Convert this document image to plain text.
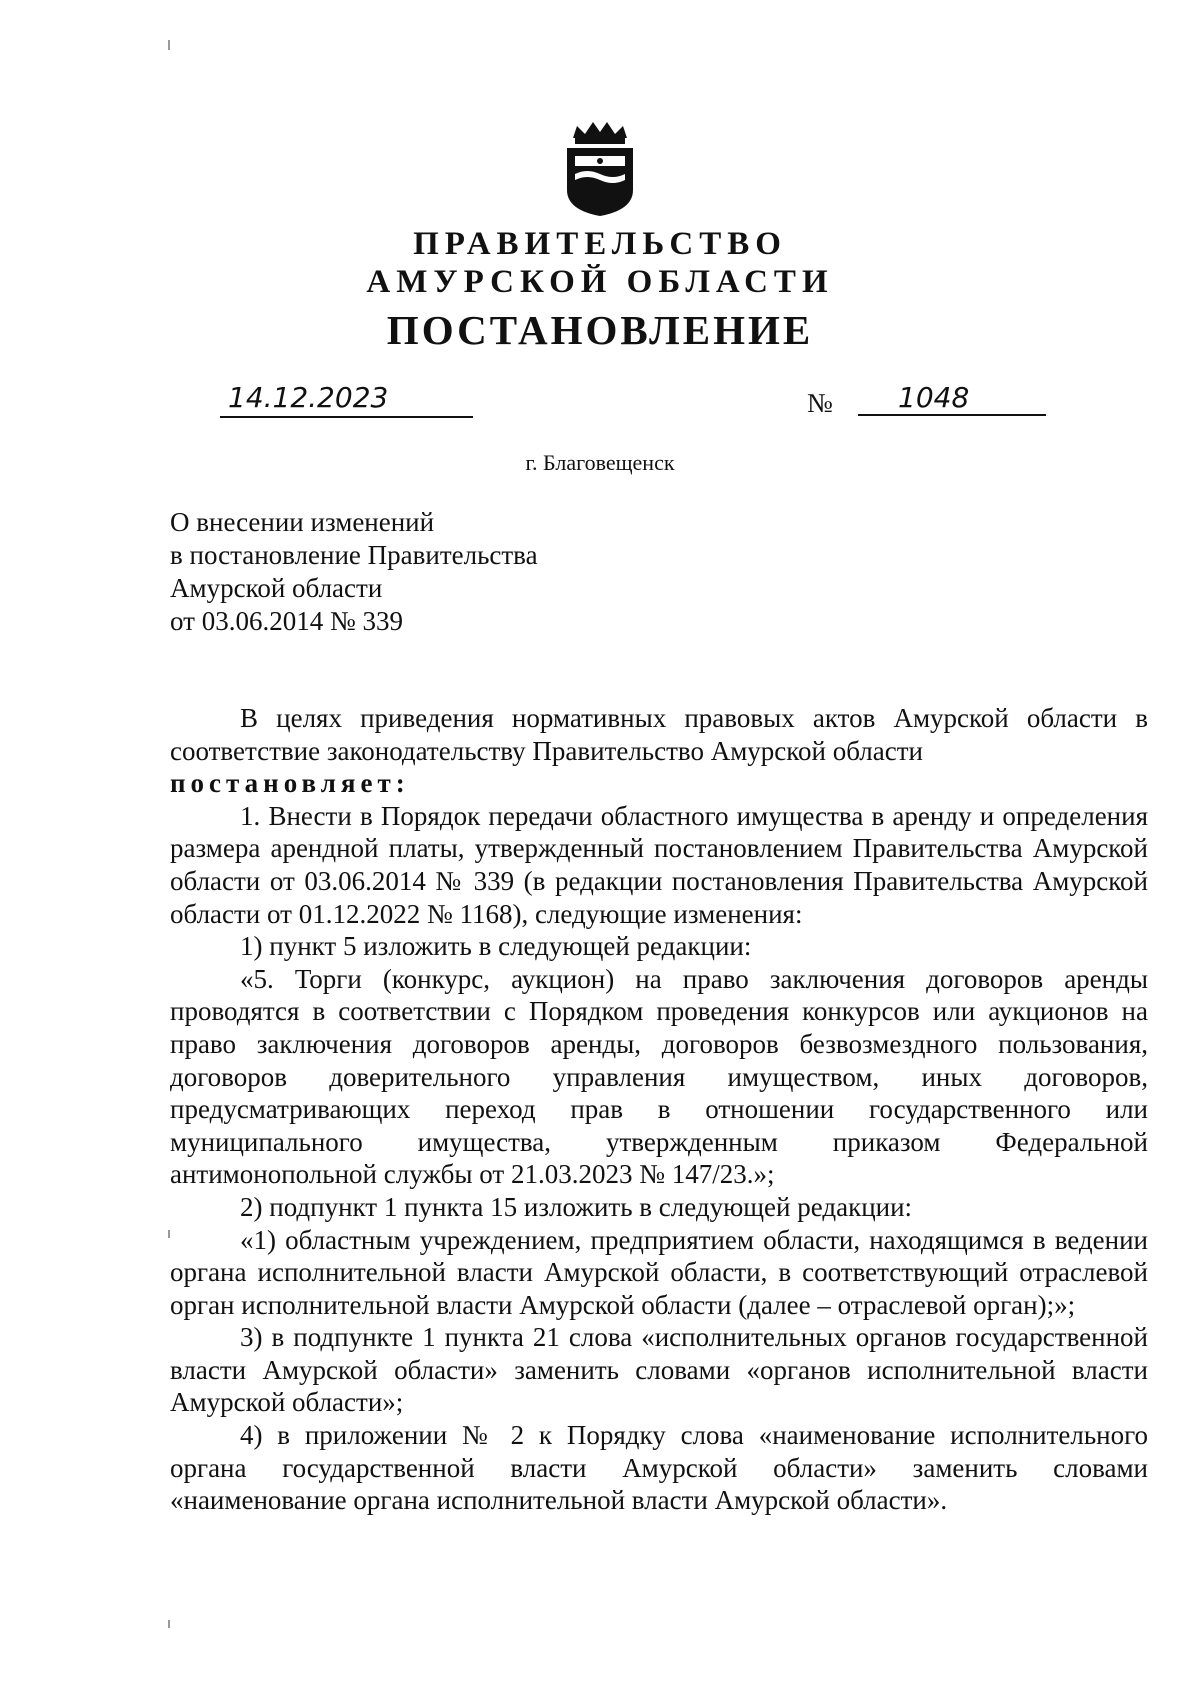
ПРАВИТЕЛЬСТВО
АМУРСКОЙ ОБЛАСТИ
ПОСТАНОВЛЕНИЕ
14.12.2023	№	1048
г. Благовещенск
О внесении изменений
в постановление Правительства
Амурской области
от 03.06.2014 № 339

В целях приведения нормативных правовых актов Амурской области в соответствие законодательству Правительство Амурской области

постановляет:

1. Внести в Порядок передачи областного имущества в аренду и определения размера арендной платы, утвержденный постановлением Правительства Амурской области от 03.06.2014 № 339 (в редакции постановления Правительства Амурской области от 01.12.2022 № 1168), следующие изменения:

1) пункт 5 изложить в следующей редакции:

«5. Торги (конкурс, аукцион) на право заключения договоров аренды проводятся в соответствии с Порядком проведения конкурсов или аукционов на право заключения договоров аренды, договоров безвозмездного пользования, договоров доверительного управления имуществом, иных договоров, предусматривающих переход прав в отношении государственного или муниципального имущества, утвержденным приказом Федеральной антимонопольной службы от 21.03.2023 № 147/23.»;

2) подпункт 1 пункта 15 изложить в следующей редакции:

«1) областным учреждением, предприятием области, находящимся в ведении органа исполнительной власти Амурской области, в соответствующий отраслевой орган исполнительной власти Амурской области (далее – отраслевой орган);»;

3) в подпункте 1 пункта 21 слова «исполнительных органов государственной власти Амурской области» заменить словами «органов исполнительной власти Амурской области»;

4) в приложении № 2 к Порядку слова «наименование исполнительного органа государственной власти Амурской области» заменить словами «наименование органа исполнительной власти Амурской области».
